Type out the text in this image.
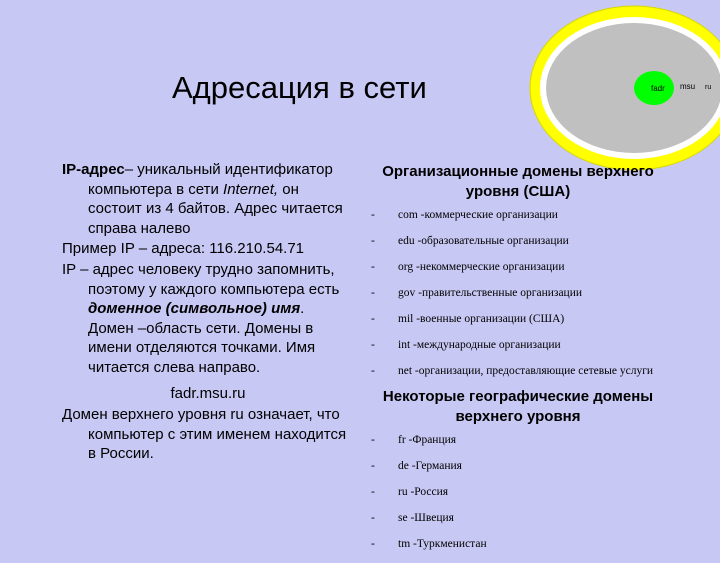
Адресация в сети	fadr msu ru

IP-адрес– уникальный идентификатор компьютера в сети Internet, он состоит из 4 байтов. Адрес читается справа налево

Пример IP – адреса: 116.210.54.71

IP – адрес человеку трудно запомнить, поэтому у каждого компьютера есть доменное (символьное) имя. Домен –область сети. Домены в имени отделяются точками. Имя читается слева направо.

fadr.msu.ru

Домен верхнего уровня ru означает, что компьютер с этим именем находится в России.

Организационные домены верхнего уровня (США)
- com -коммерческие организации
- edu -образовательные организации
- org -некоммерческие организации
- gov -правительственные организации
- mil -военные организации (США)
- int -международные организации
- net -организации, предоставляющие сетевые услуги
Некоторые географические домены верхнего уровня
- fr -Франция
- de -Германия
- ru -Россия
- se -Швеция
- tm -Туркменистан
